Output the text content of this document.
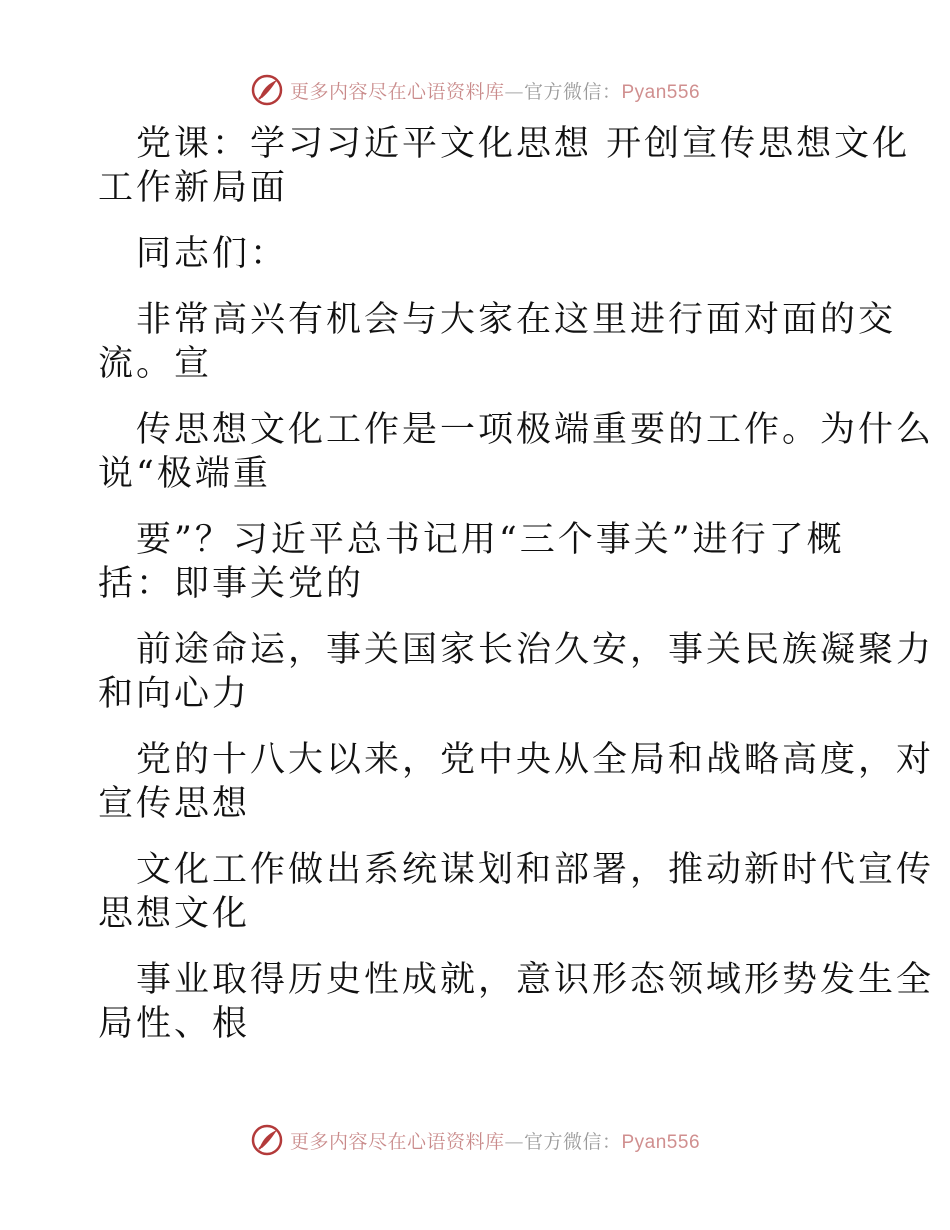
更多内容尽在心语资料库—官方微信：Pyan556
党课：学习习近平文化思想 开创宣传思想文化
工作新局面
同志们：
非常高兴有机会与大家在这里进行面对面的交
流。宣
传思想文化工作是一项极端重要的工作。为什么
说“极端重
要”？习近平总书记用“三个事关”进行了概
括：即事关党的
前途命运，事关国家长治久安，事关民族凝聚力
和向心力
党的十八大以来，党中央从全局和战略高度，对
宣传思想
文化工作做出系统谋划和部署，推动新时代宣传
思想文化
事业取得历史性成就，意识形态领域形势发生全
局性、根
更多内容尽在心语资料库—官方微信：Pyan556
